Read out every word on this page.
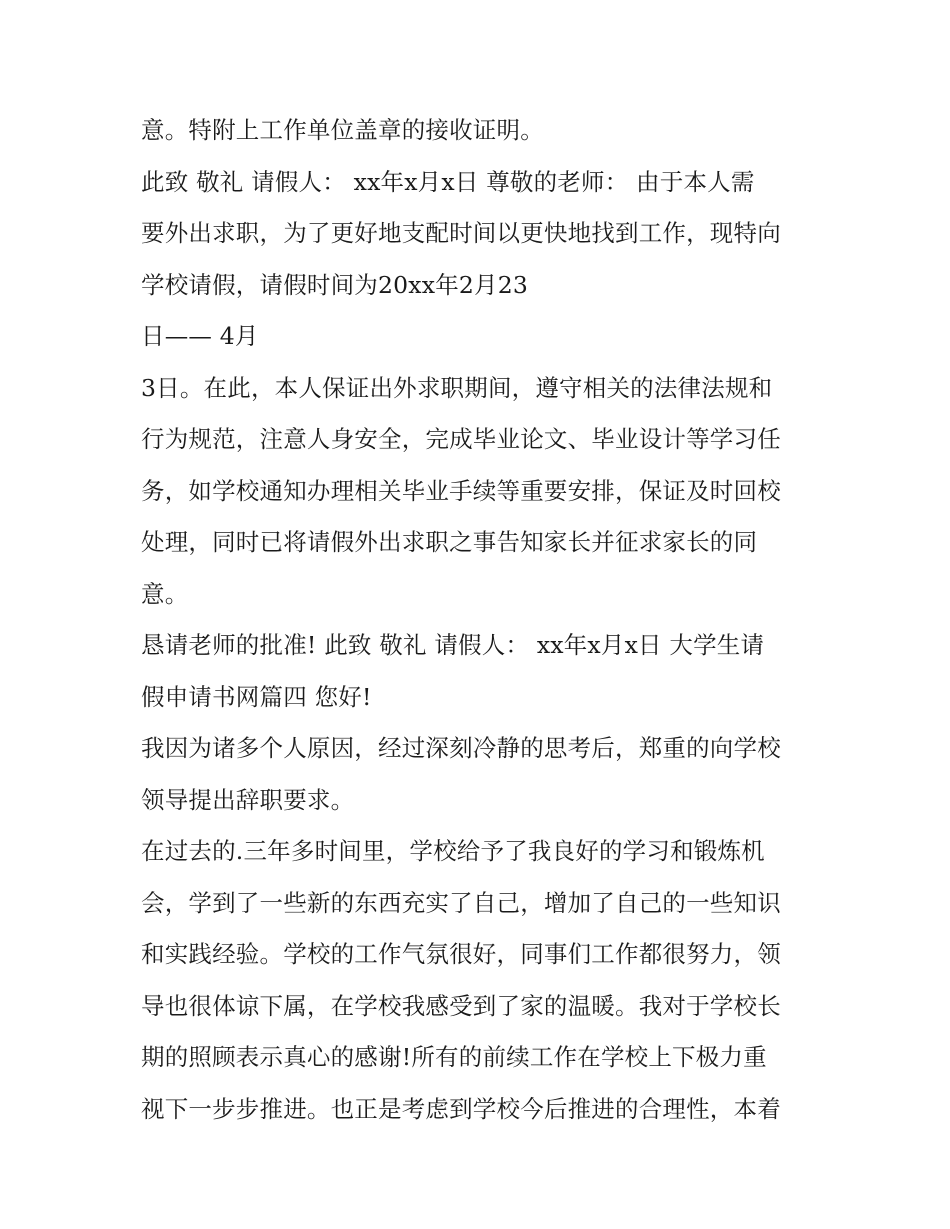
意。特附上工作单位盖章的接收证明。
此致 敬礼 请假人： xx年x月x日 尊敬的老师： 由于本人需
要外出求职，为了更好地支配时间以更快地找到工作，现特向
学校请假，请假时间为20xx年2月23
日—— 4月
3日。在此，本人保证出外求职期间，遵守相关的法律法规和
行为规范，注意人身安全，完成毕业论文、毕业设计等学习任
务，如学校通知办理相关毕业手续等重要安排，保证及时回校
处理，同时已将请假外出求职之事告知家长并征求家长的同
意。
恳请老师的批准! 此致 敬礼 请假人： xx年x月x日 大学生请
假申请书网篇四 您好!
我因为诸多个人原因，经过深刻冷静的思考后，郑重的向学校
领导提出辞职要求。
在过去的.三年多时间里，学校给予了我良好的学习和锻炼机
会，学到了一些新的东西充实了自己，增加了自己的一些知识
和实践经验。学校的工作气氛很好，同事们工作都很努力，领
导也很体谅下属，在学校我感受到了家的温暖。我对于学校长
期的照顾表示真心的感谢!所有的前续工作在学校上下极力重
视下一步步推进。也正是考虑到学校今后推进的合理性，本着
